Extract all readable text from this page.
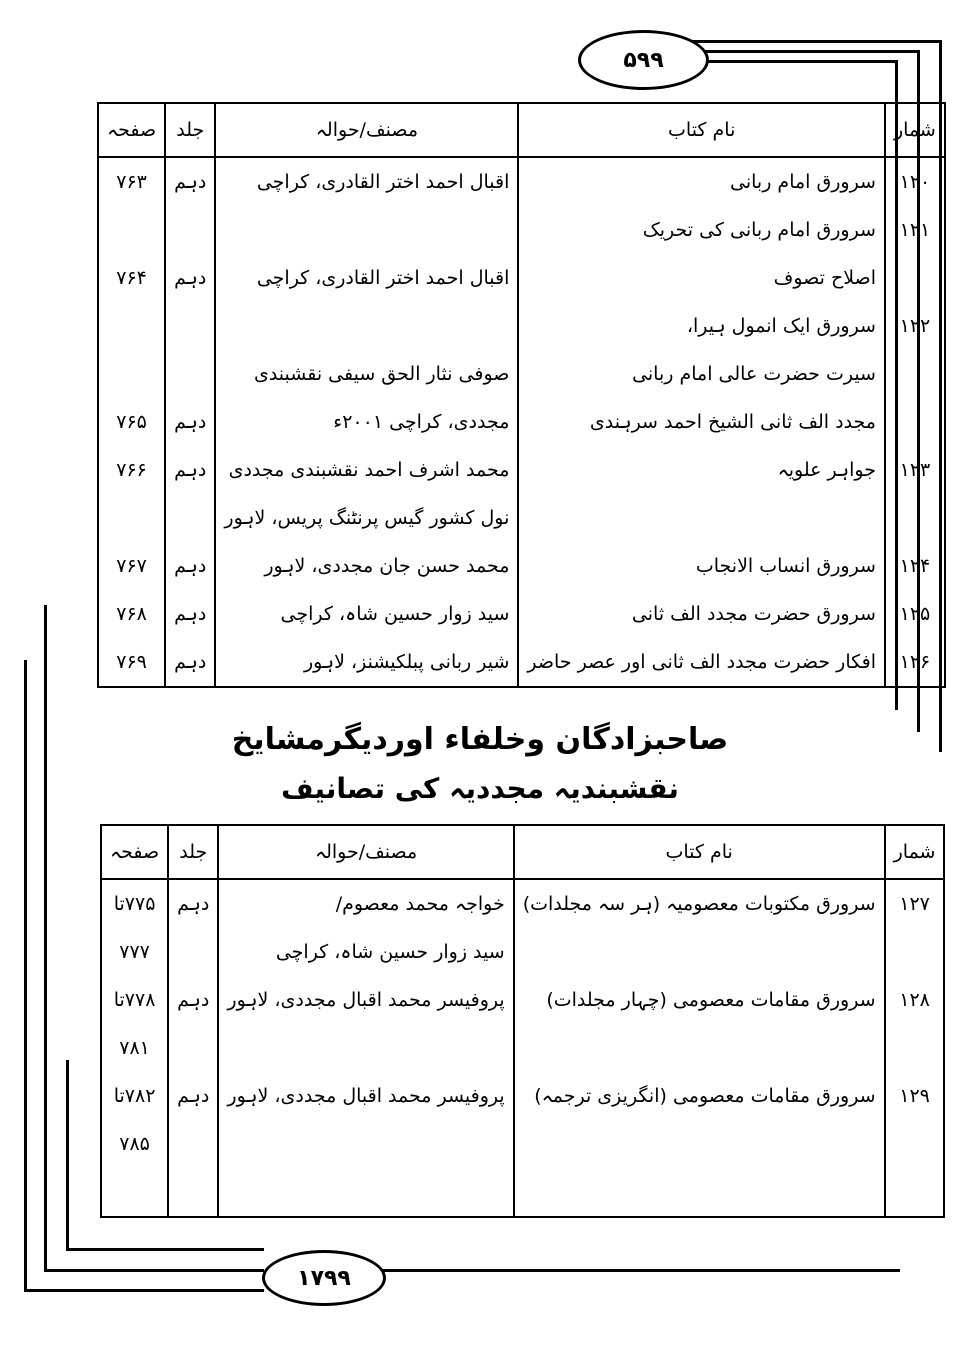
۵۹۹
شمار	نام کتاب	مصنف/حوالہ	جلد	صفحہ
۱۲۰	سرورق امام ربانی	اقبال احمد اختر القادری، کراچی	دہم	۷۶۳
۱۲۱	سرورق امام ربانی کی تحریک			
	اصلاح تصوف	اقبال احمد اختر القادری، کراچی	دہم	۷۶۴
۱۲۲	سرورق ایک انمول ہیرا،			
	سیرت حضرت عالی امام ربانی	صوفی نثار الحق سیفی نقشبندی		
	مجدد الف ثانی الشیخ احمد سرہندی	مجددی، کراچی ۲۰۰۱ء	دہم	۷۶۵
۱۲۳	جواہر علویہ	محمد اشرف احمد نقشبندی مجددی	دہم	۷۶۶
		نول کشور گیس پرنٹنگ پریس، لاہور		
۱۲۴	سرورق انساب الانجاب	محمد حسن جان مجددی، لاہور	دہم	۷۶۷
۱۲۵	سرورق حضرت مجدد الف ثانی	سید زوار حسین شاہ، کراچی	دہم	۷۶۸
۱۲۶	افکار حضرت مجدد الف ثانی اور عصر حاضر	شیر ربانی پبلکیشنز، لاہور	دہم	۷۶۹
صاحبزادگان وخلفاء اوردیگرمشایخ
نقشبندیہ مجددیہ کی تصانیف
شمار	نام کتاب	مصنف/حوالہ	جلد	صفحہ
۱۲۷	سرورق مکتوبات معصومیہ (ہر سہ مجلدات)	خواجہ محمد معصوم/	دہم	۷۷۵تا
		سید زوار حسین شاہ، کراچی		۷۷۷
۱۲۸	سرورق مقامات معصومی (چہار مجلدات)	پروفیسر محمد اقبال مجددی، لاہور	دہم	۷۷۸تا
				۷۸۱
۱۲۹	سرورق مقامات معصومی (انگریزی ترجمہ)	پروفیسر محمد اقبال مجددی، لاہور	دہم	۷۸۲تا
				۷۸۵

۱۷۹۹
